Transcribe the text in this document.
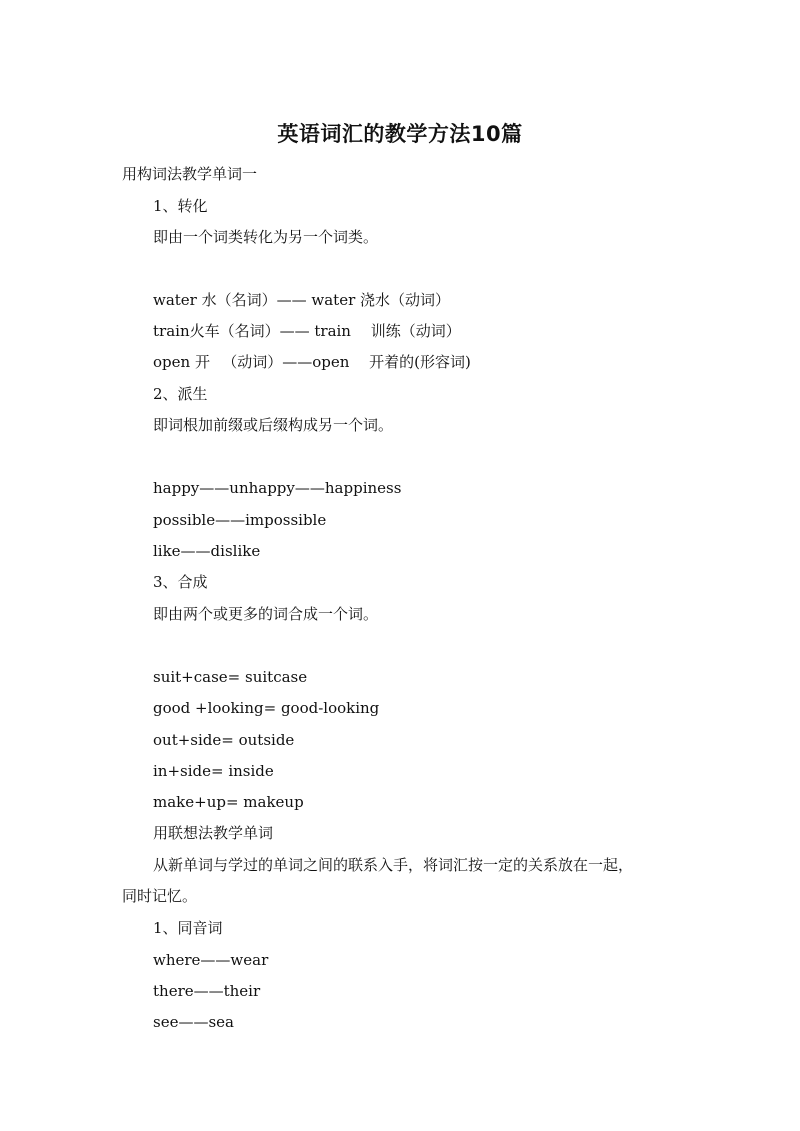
英语词汇的教学方法10篇
用构词法教学单词一
1、转化
即由一个词类转化为另一个词类。
water 水（名词）—— water 浇水（动词）
train火车（名词）—— train　 训练（动词）
open 开 　（动词）——open　 开着的(形容词)
2、派生
即词根加前缀或后缀构成另一个词。
happy——unhappy——happiness
possible——impossible
like——dislike
3、合成
即由两个或更多的词合成一个词。
suit+case= suitcase
good +looking= good-looking
out+side= outside
in+side= inside
make+up= makeup
用联想法教学单词
从新单词与学过的单词之间的联系入手，将词汇按一定的关系放在一起，
同时记忆。
1、同音词
where——wear
there——their
see——sea
